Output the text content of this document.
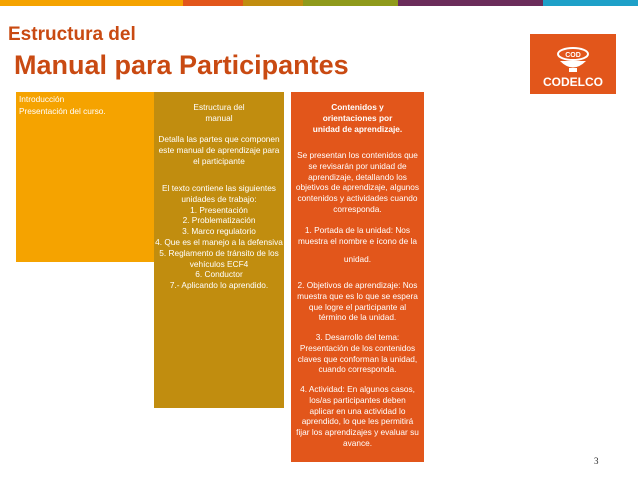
Estructura del
Manual para Participantes	COD
CODELCO

Introducción

Presentación del curso.	Estructura del

manual

Detalla las partes que componen

este manual de aprendizaje para

el participante

El texto contiene las siguientes

unidades de trabajo:

1. Presentación

2. Problematización

3. Marco regulatorio

4. Que es el manejo a la defensiva

5. Reglamento de tránsito de los

vehículos ECF4

6. Conductor

7.- Aplicando lo aprendido.

Contenidos y

orientaciones por

unidad de aprendizaje.

Se presentan los contenidos que

se revisarán por unidad de

aprendizaje, detallando los

objetivos de aprendizaje, algunos

contenidos y actividades cuando

corresponda.

1. Portada de la unidad: Nos

muestra el nombre e ícono de la

unidad.

2. Objetivos de aprendizaje: Nos

muestra que es lo que se espera

que logre el participante al

término de la unidad.

3. Desarrollo del tema:

Presentación de los contenidos

claves que conforman la unidad,

cuando corresponda.

4. Actividad: En algunos casos,

los/as participantes deben

aplicar en una actividad lo

aprendido, lo que les permitirá

fijar los aprendizajes y evaluar su

avance.

3
